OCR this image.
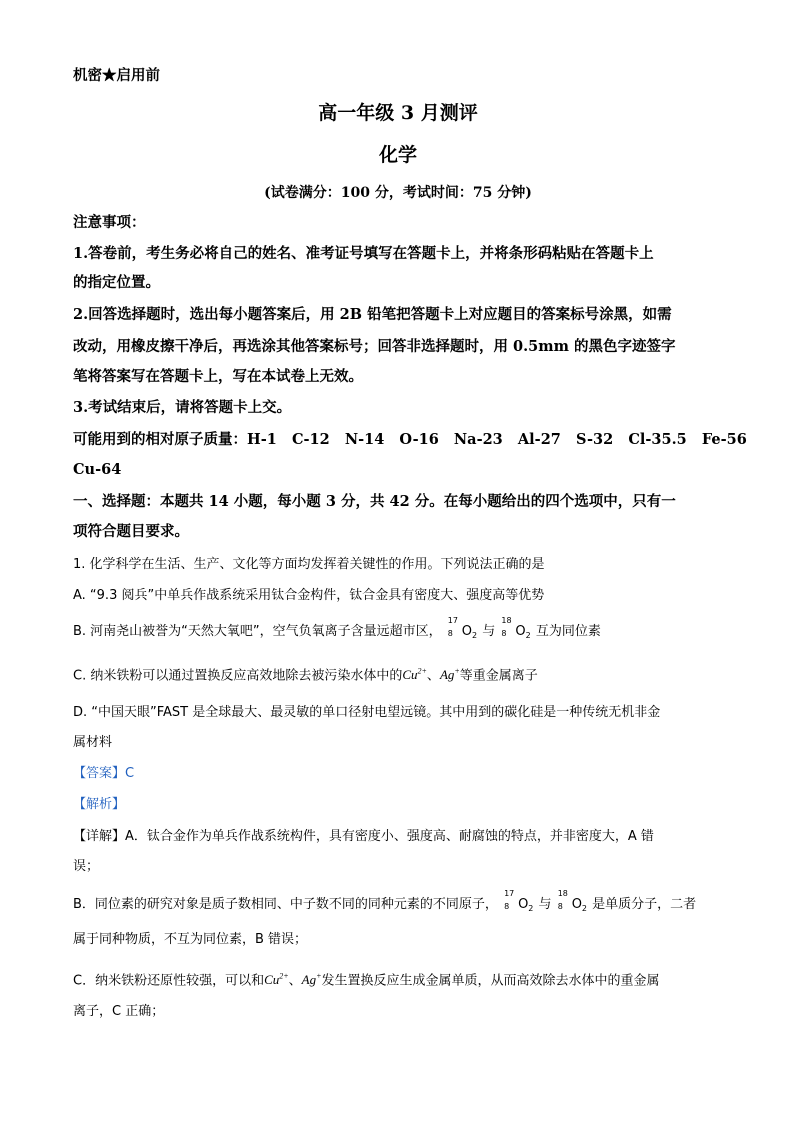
机密★启用前
高一年级 3 月测评
化学
(试卷满分：100 分，考试时间：75 分钟)
注意事项：
1.答卷前，考生务必将自己的姓名、准考证号填写在答题卡上，并将条形码粘贴在答题卡上
的指定位置。
2.回答选择题时，选出每小题答案后，用 2B 铅笔把答题卡上对应题目的答案标号涂黑，如需
改动，用橡皮擦干净后，再选涂其他答案标号；回答非选择题时，用 0.5mm 的黑色字迹签字
笔将答案写在答题卡上，写在本试卷上无效。
3.考试结束后，请将答题卡上交。
可能用到的相对原子质量：H-1   C-12   N-14   O-16   Na-23   Al-27   S-32   Cl-35.5   Fe-56
Cu-64
一、选择题：本题共 14 小题，每小题 3 分，共 42 分。在每小题给出的四个选项中，只有一
项符合题目要求。
1. 化学科学在生活、生产、文化等方面均发挥着关键性的作用。下列说法正确的是
A. “9.3 阅兵”中单兵作战系统采用钛合金构件，钛合金具有密度大、强度高等优势
B. 河南尧山被誉为“天然大氧吧”，空气负氧离子含量远超市区，
17
8 $O_2$ 与
18
8 $O_2$ 互为同位素
C. 纳米铁粉可以通过置换反应高效地除去被污染水体中的$Cu^{2+}$、Ag+等重金属离子
D. “中国天眼”FAST 是全球最大、最灵敏的单口径射电望远镜。其中用到的碳化硅是一种传统无机非金
属材料
【答案】C
【解析】
【详解】A．钛合金作为单兵作战系统构件，具有密度小、强度高、耐腐蚀的特点，并非密度大，A 错
误；
B．同位素的研究对象是质子数相同、中子数不同的同种元素的不同原子，
17
8 $O_2$ 与
18
8 $O_2$ 是单质分子，二者
属于同种物质，不互为同位素，B 错误；
C．纳米铁粉还原性较强，可以和$Cu^{2+}$、Ag+发生置换反应生成金属单质，从而高效除去水体中的重金属
离子，C 正确；
